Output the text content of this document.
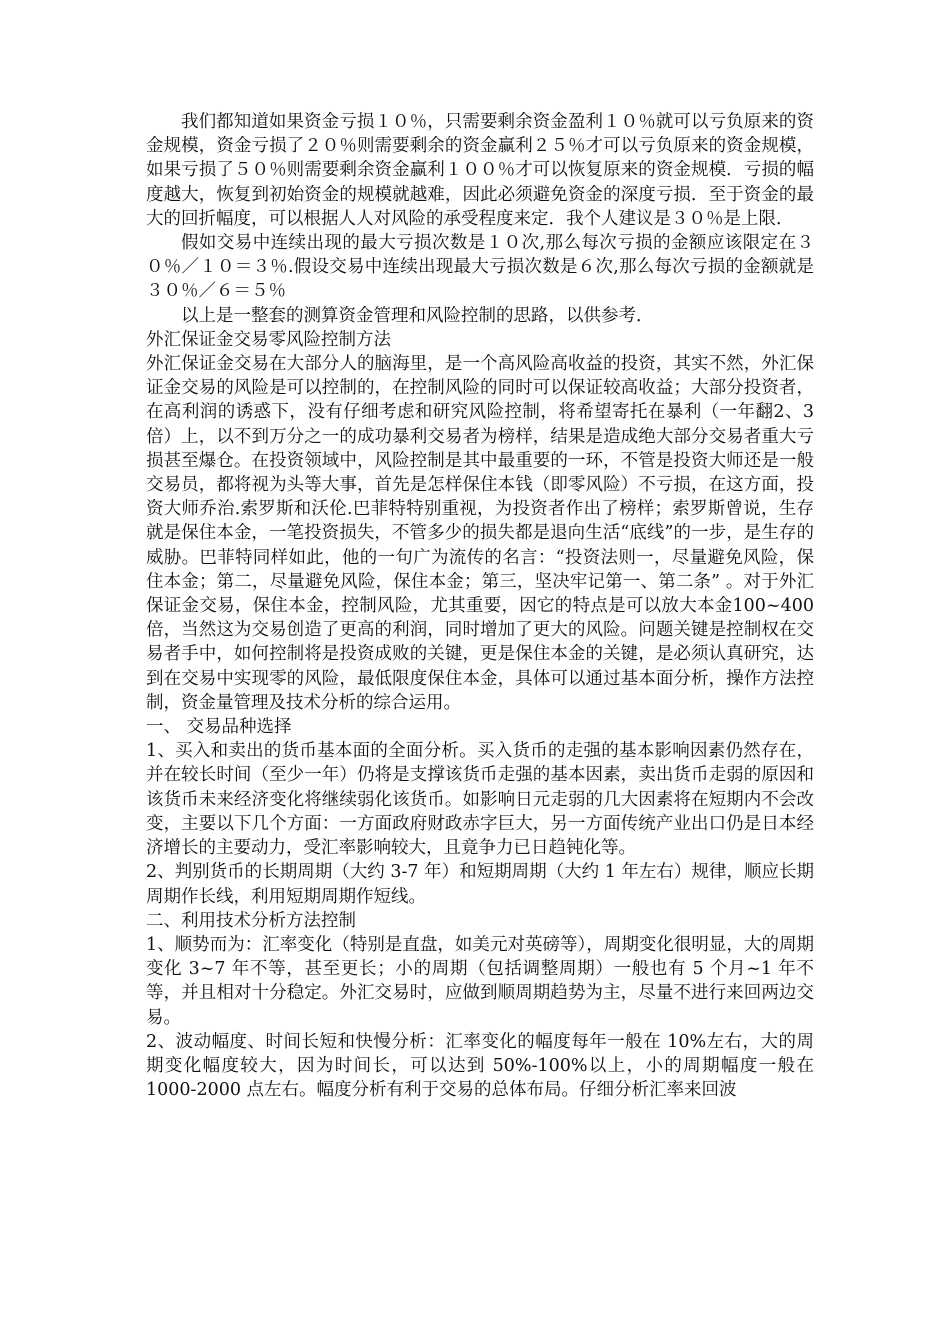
我们都知道如果资金亏损１０％，只需要剩余资金盈利１０％就可以亏负原来的资金规模，资金亏损了２０％则需要剩余的资金赢利２５％才可以亏负原来的资金规模，如果亏损了５０％则需要剩余资金赢利１００％才可以恢复原来的资金规模．亏损的幅度越大，恢复到初始资金的规模就越难，因此必须避免资金的深度亏损．至于资金的最大的回折幅度，可以根据人人对风险的承受程度来定．我个人建议是３０％是上限．

假如交易中连续出现的最大亏损次数是１０次,那么每次亏损的金额应该限定在３０％／１０＝３％.假设交易中连续出现最大亏损次数是６次,那么每次亏损的金额就是３０％／６＝５％

以上是一整套的测算资金管理和风险控制的思路，以供参考．

外汇保证金交易零风险控制方法

外汇保证金交易在大部分人的脑海里，是一个高风险高收益的投资，其实不然，外汇保证金交易的风险是可以控制的，在控制风险的同时可以保证较高收益；大部分投资者，在高利润的诱惑下，没有仔细考虑和研究风险控制，将希望寄托在暴利（一年翻2、3倍）上，以不到万分之一的成功暴利交易者为榜样，结果是造成绝大部分交易者重大亏损甚至爆仓。在投资领域中，风险控制是其中最重要的一环，不管是投资大师还是一般交易员，都将视为头等大事，首先是怎样保住本钱（即零风险）不亏损，在这方面，投资大师乔治.索罗斯和沃伦.巴菲特特别重视，为投资者作出了榜样；索罗斯曾说，生存就是保住本金，一笔投资损失，不管多少的损失都是退向生活“底线”的一步，是生存的威胁。巴菲特同样如此，他的一句广为流传的名言：“投资法则一，尽量避免风险，保住本金；第二，尽量避免风险，保住本金；第三，坚决牢记第一、第二条” 。对于外汇保证金交易，保住本金，控制风险，尤其重要，因它的特点是可以放大本金100~400倍，当然这为交易创造了更高的利润，同时增加了更大的风险。问题关键是控制权在交易者手中，如何控制将是投资成败的关键，更是保住本金的关键，是必须认真研究，达到在交易中实现零的风险，最低限度保住本金，具体可以通过基本面分析，操作方法控制，资金量管理及技术分析的综合运用。

一、 交易品种选择

1、买入和卖出的货币基本面的全面分析。买入货币的走强的基本影响因素仍然存在，并在较长时间（至少一年）仍将是支撑该货币走强的基本因素，卖出货币走弱的原因和该货币未来经济变化将继续弱化该货币。如影响日元走弱的几大因素将在短期内不会改变，主要以下几个方面：一方面政府财政赤字巨大，另一方面传统产业出口仍是日本经济增长的主要动力，受汇率影响较大，且竟争力已日趋钝化等。

2、判别货币的长期周期（大约 3-7 年）和短期周期（大约 1 年左右）规律，顺应长期周期作长线，利用短期周期作短线。

二、利用技术分析方法控制

1、顺势而为：汇率变化（特别是直盘，如美元对英磅等），周期变化很明显，大的周期变化 3~7 年不等，甚至更长；小的周期（包括调整周期）一般也有 5 个月~1 年不等，并且相对十分稳定。外汇交易时，应做到顺周期趋势为主，尽量不进行来回两边交易。

2、波动幅度、时间长短和快慢分析：汇率变化的幅度每年一般在 10%左右，大的周期变化幅度较大，因为时间长，可以达到 50%-100%以上，小的周期幅度一般在 1000-2000 点左右。幅度分析有利于交易的总体布局。仔细分析汇率来回波
